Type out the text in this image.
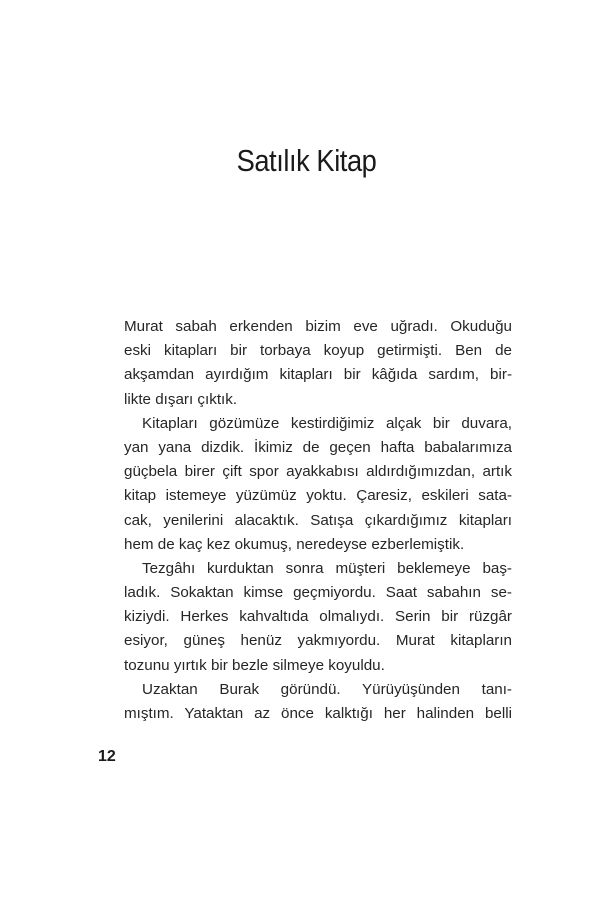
Satılık Kitap
Murat sabah erkenden bizim eve uğradı. Okuduğu
eski kitapları bir torbaya koyup getirmişti. Ben de
akşamdan ayırdığım kitapları bir kâğıda sardım, bir-
likte dışarı çıktık.
Kitapları gözümüze kestirdiğimiz alçak bir duvara,
yan yana dizdik. İkimiz de geçen hafta babalarımıza
güçbela birer çift spor ayakkabısı aldırdığımızdan, artık
kitap istemeye yüzümüz yoktu. Çaresiz, eskileri sata-
cak, yenilerini alacaktık. Satışa çıkardığımız kitapları
hem de kaç kez okumuş, neredeyse ezberlemiştik.
Tezgâhı kurduktan sonra müşteri beklemeye baş-
ladık. Sokaktan kimse geçmiyordu. Saat sabahın se-
kiziydi. Herkes kahvaltıda olmalıydı. Serin bir rüzgâr
esiyor, güneş henüz yakmıyordu. Murat kitapların
tozunu yırtık bir bezle silmeye koyuldu.
Uzaktan Burak göründü. Yürüyüşünden tanı-
mıştım. Yataktan az önce kalktığı her halinden belli
12
